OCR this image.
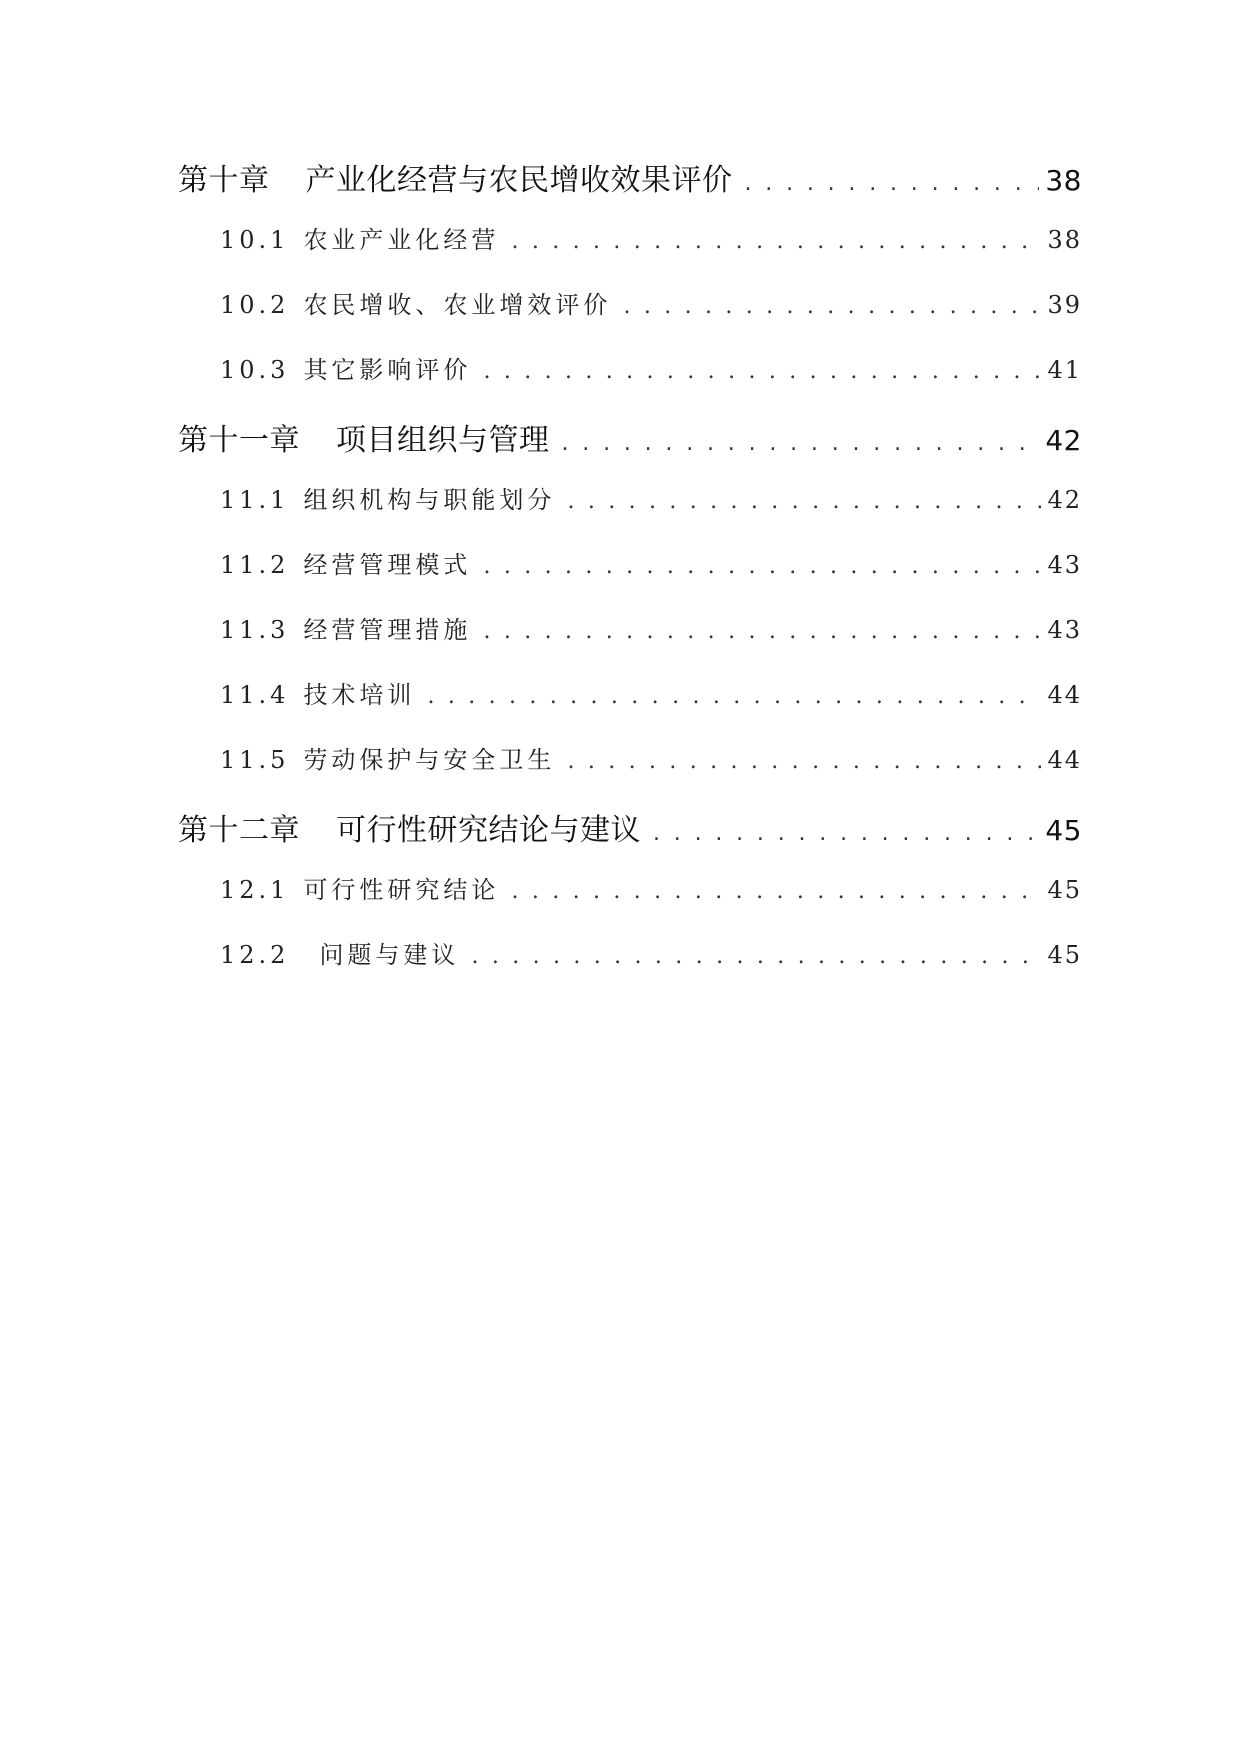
第十章 产业化经营与农民增收效果评价 . . .	38
10.1 农业产业化经营 . . .	38
10.2 农民增收、农业增效评价 . . .	39
10.3 其它影响评价 . . .	41
第十一章 项目组织与管理 . . .	42
11.1 组织机构与职能划分 . . .	42
11.2 经营管理模式 . . .	43
11.3 经营管理措施 . . .	43
11.4 技术培训 . . .	44
11.5 劳动保护与安全卫生 . . .	44
第十二章 可行性研究结论与建议 . . .	45
12.1 可行性研究结论 . . .	45
12.2 问题与建议 . . .	45
